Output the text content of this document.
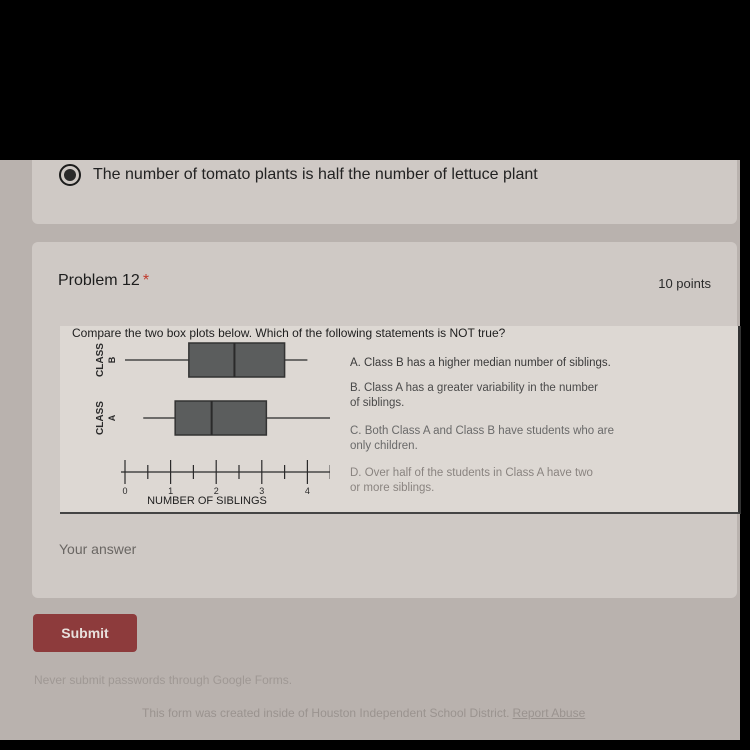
The number of tomato plants is half the number of lettuce plant
Problem 12 *	10 points
Compare the two box plots below. Which of the following statements is NOT true?
CLASS B
CLASS A
0	1	2	3	4
NUMBER OF SIBLINGS
A. Class B has a higher median number of siblings.
B. Class A has a greater variability in the number
of siblings.
C. Both Class A and Class B have students who are
only children.
D. Over half of the students in Class A have two
or more siblings.
Your answer
Submit
Never submit passwords through Google Forms.
This form was created inside of Houston Independent School District. Report Abuse
